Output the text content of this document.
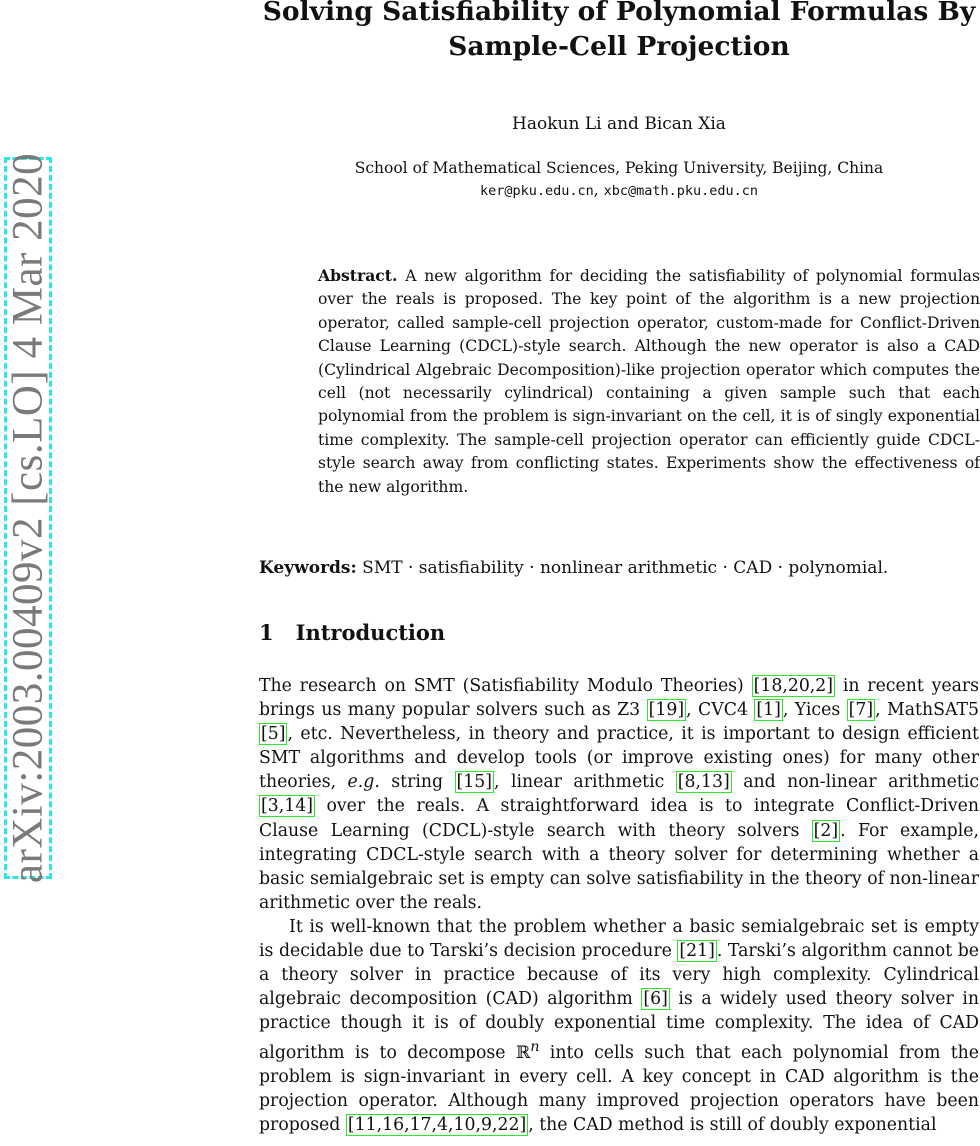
arXiv:2003.00409v2 [cs.LO] 4 Mar 2020
Solving Satisfiability of Polynomial Formulas By
Sample-Cell Projection
Haokun Li and Bican Xia
School of Mathematical Sciences, Peking University, Beijing, China
ker@pku.edu.cn, xbc@math.pku.edu.cn
Abstract. A new algorithm for deciding the satisfiability of polynomial formulas over the reals is proposed. The key point of the algorithm is a new projection operator, called sample-cell projection operator, custom-made for Conflict-Driven Clause Learning (CDCL)-style search. Although the new operator is also a CAD (Cylindrical Algebraic Decomposition)-like projection operator which computes the cell (not necessarily cylindrical) containing a given sample such that each polynomial from the problem is sign-invariant on the cell, it is of singly exponential time complexity. The sample-cell projection operator can efficiently guide CDCL-style search away from conflicting states. Experiments show the effectiveness of the new algorithm.
Keywords: SMT · satisfiability · nonlinear arithmetic · CAD · polynomial.
1 Introduction

The research on SMT (Satisfiability Modulo Theories) [18,20,2] in recent years brings us many popular solvers such as Z3 [19] , CVC4 [1] , Yices [7] , MathSAT5 [5] , etc. Nevertheless, in theory and practice, it is important to design efficient SMT algorithms and develop tools (or improve existing ones) for many other theories, e.g. string [15] , linear arithmetic [8,13] and non-linear arithmetic [3,14] over the reals. A straightforward idea is to integrate Conflict-Driven Clause Learning (CDCL)-style search with theory solvers [2] . For example, integrating CDCL-style search with a theory solver for determining whether a basic semialgebraic set is empty can solve satisfiability in the theory of non-linear arithmetic over the reals.

It is well-known that the problem whether a basic semialgebraic set is empty is decidable due to Tarski’s decision procedure [21] . Tarski’s algorithm cannot be a theory solver in practice because of its very high complexity. Cylindrical algebraic decomposition (CAD) algorithm [6] is a widely used theory solver in practice though it is of doubly exponential time complexity. The idea of CAD algorithm is to decompose ℝ$^n$ into cells such that each polynomial from the problem is sign-invariant in every cell. A key concept in CAD algorithm is the projection operator. Although many improved projection operators have been proposed [11,16,17,4,10,9,22] , the CAD method is still of doubly exponential
